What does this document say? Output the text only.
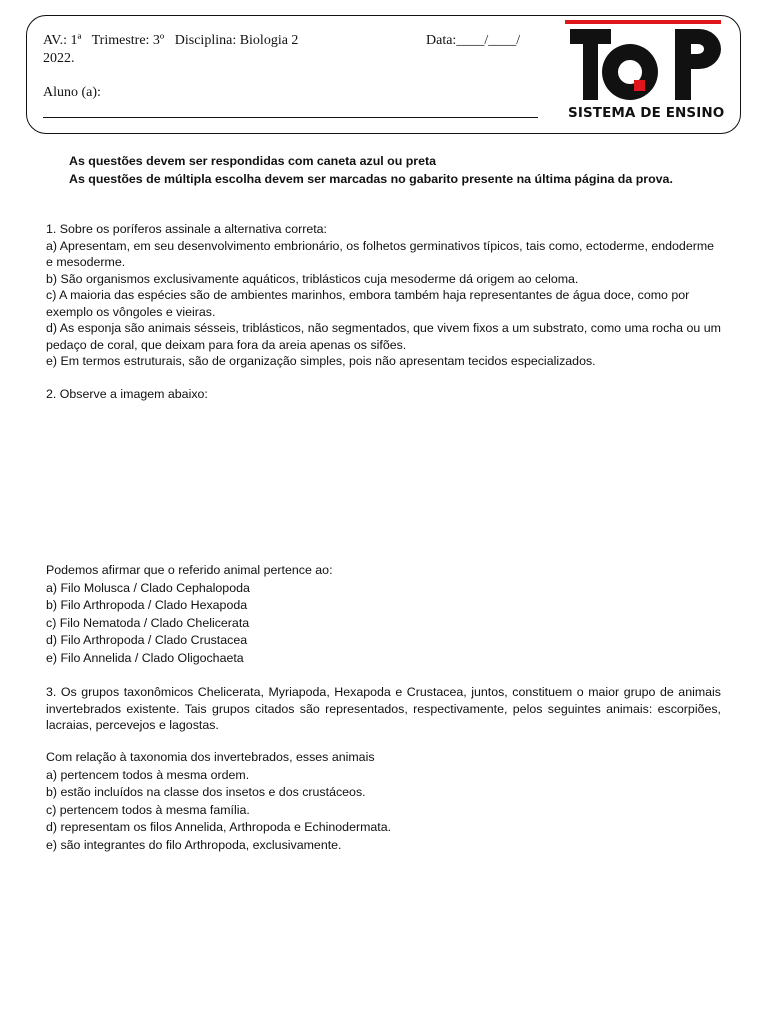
AV.: 1ª   Trimestre: 3º   Disciplina: Biologia 2	Data:____/____/
2022.
Aluno (a):
SISTEMA DE ENSINO
As questões devem ser respondidas com caneta azul ou preta
As questões de múltipla escolha devem ser marcadas no gabarito presente na última página da prova.

1. Sobre os poríferos assinale a alternativa correta:

a) Apresentam, em seu desenvolvimento embrionário, os folhetos germinativos típicos, tais como, ectoderme, endoderme e mesoderme.

b) São organismos exclusivamente aquáticos, triblásticos cuja mesoderme dá origem ao celoma.

c) A maioria das espécies são de ambientes marinhos, embora também haja representantes de água doce, como por exemplo os vôngoles e vieiras.

d) As esponja são animais sésseis, triblásticos, não segmentados, que vivem fixos a um substrato, como uma rocha ou um pedaço de coral, que deixam para fora da areia apenas os sifões.

e) Em termos estruturais, são de organização simples, pois não apresentam tecidos especializados.

2. Observe a imagem abaixo:

Podemos afirmar que o referido animal pertence ao:

a) Filo Molusca / Clado Cephalopoda

b) Filo Arthropoda / Clado Hexapoda

c) Filo Nematoda / Clado Chelicerata

d) Filo Arthropoda / Clado Crustacea

e) Filo Annelida / Clado Oligochaeta

3. Os grupos taxonômicos Chelicerata, Myriapoda, Hexapoda e Crustacea, juntos, constituem o maior grupo de animais invertebrados existente. Tais grupos citados são representados, respectivamente, pelos seguintes animais: escorpiões, lacraias, percevejos e lagostas.

Com relação à taxonomia dos invertebrados, esses animais

a) pertencem todos à mesma ordem.

b) estão incluídos na classe dos insetos e dos crustáceos.

c) pertencem todos à mesma família.

d) representam os filos Annelida, Arthropoda e Echinodermata.

e) são integrantes do filo Arthropoda, exclusivamente.
